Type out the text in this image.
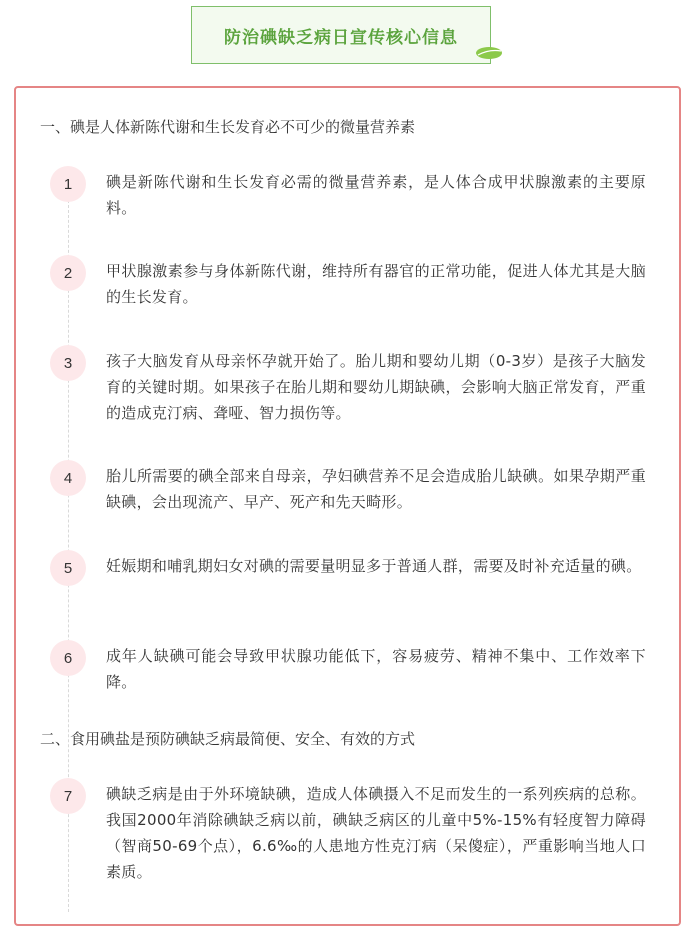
防治碘缺乏病日宣传核心信息
一、碘是人体新陈代谢和生长发育必不可少的微量营养素
1	碘是新陈代谢和生长发育必需的微量营养素，是人体合成甲状腺激素的主要原料。
2	甲状腺激素参与身体新陈代谢，维持所有器官的正常功能，促进人体尤其是大脑的生长发育。
3	孩子大脑发育从母亲怀孕就开始了。胎儿期和婴幼儿期（0-3岁）是孩子大脑发育的关键时期。如果孩子在胎儿期和婴幼儿期缺碘，会影响大脑正常发育，严重的造成克汀病、聋哑、智力损伤等。
4	胎儿所需要的碘全部来自母亲，孕妇碘营养不足会造成胎儿缺碘。如果孕期严重缺碘，会出现流产、早产、死产和先天畸形。
5	妊娠期和哺乳期妇女对碘的需要量明显多于普通人群，需要及时补充适量的碘。
6	成年人缺碘可能会导致甲状腺功能低下，容易疲劳、精神不集中、工作效率下降。
二、食用碘盐是预防碘缺乏病最简便、安全、有效的方式
7	碘缺乏病是由于外环境缺碘，造成人体碘摄入不足而发生的一系列疾病的总称。我国2000年消除碘缺乏病以前，碘缺乏病区的儿童中5%-15%有轻度智力障碍（智商50-69个点），6.6‰的人患地方性克汀病（呆傻症），严重影响当地人口素质。
